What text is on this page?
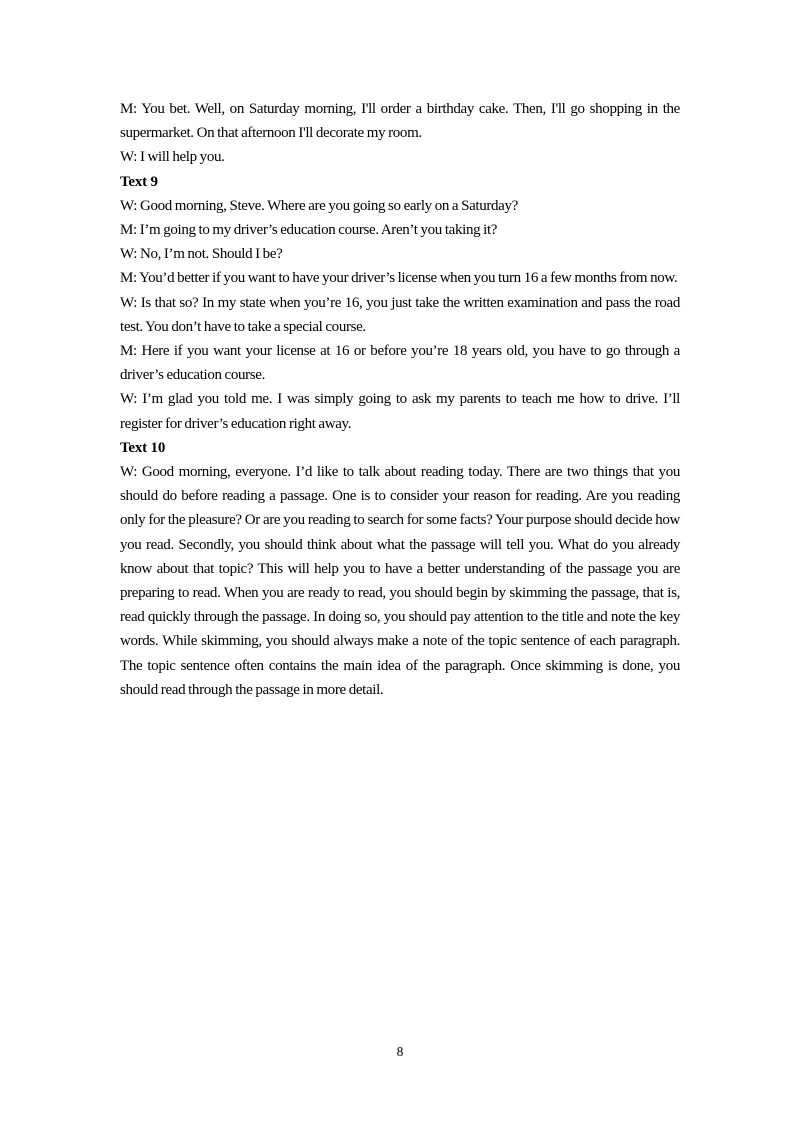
M: You bet. Well, on Saturday morning, I'll order a birthday cake. Then, I'll go shopping in the supermarket. On that afternoon I'll decorate my room.

W: I will help you.

Text 9

W: Good morning, Steve. Where are you going so early on a Saturday?

M: I’m going to my driver’s education course. Aren’t you taking it?

W: No, I’m not. Should I be?

M: You’d better if you want to have your driver’s license when you turn 16 a few months from now.

W: Is that so? In my state when you’re 16, you just take the written examination and pass the road test. You don’t have to take a special course.

M: Here if you want your license at 16 or before you’re 18 years old, you have to go through a driver’s education course.

W: I’m glad you told me. I was simply going to ask my parents to teach me how to drive. I’ll register for driver’s education right away.

Text 10

W: Good morning, everyone. I’d like to talk about reading today. There are two things that you should do before reading a passage. One is to consider your reason for reading. Are you reading only for the pleasure? Or are you reading to search for some facts? Your purpose should decide how you read. Secondly, you should think about what the passage will tell you. What do you already know about that topic? This will help you to have a better understanding of the passage you are preparing to read. When you are ready to read, you should begin by skimming the passage, that is, read quickly through the passage. In doing so, you should pay attention to the title and note the key words. While skimming, you should always make a note of the topic sentence of each paragraph. The topic sentence often contains the main idea of the paragraph. Once skimming is done, you should read through the passage in more detail.

8
